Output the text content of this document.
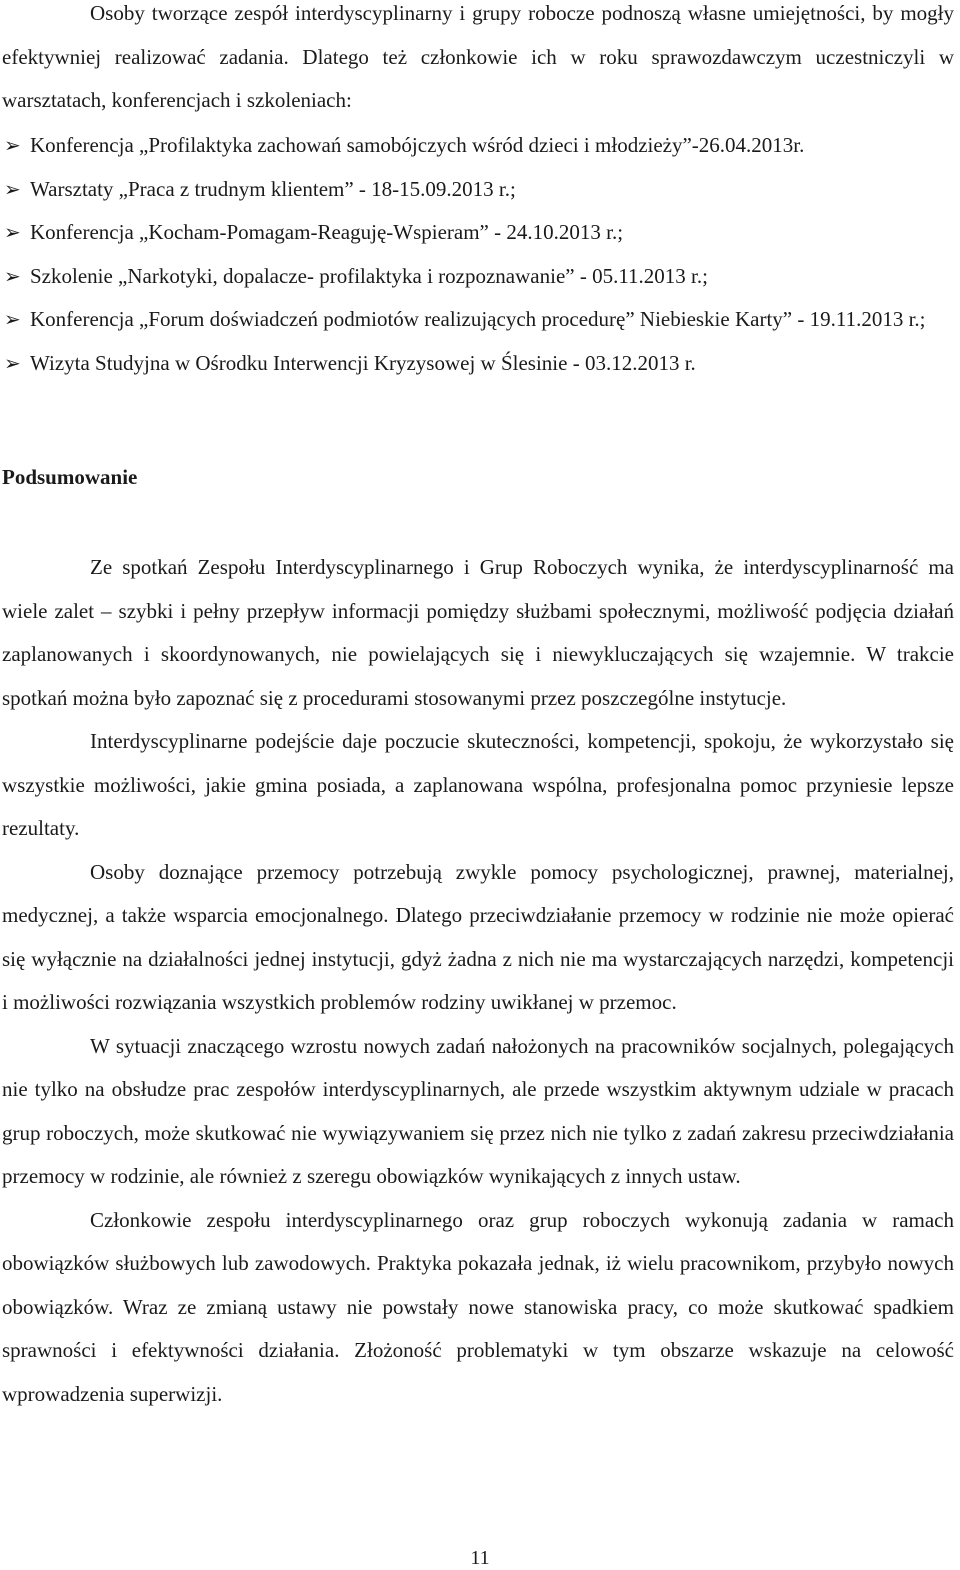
Osoby tworzące zespół interdyscyplinarny i grupy robocze podnoszą własne umiejętności, by mogły efektywniej realizować zadania. Dlatego też członkowie ich w roku sprawozdawczym uczestniczyli w warsztatach, konferencjach i szkoleniach:

➢ Konferencja „Profilaktyka zachowań samobójczych wśród dzieci i młodzieży”-26.04.2013r.
➢ Warsztaty „Praca z trudnym klientem” - 18-15.09.2013 r.;
➢ Konferencja „Kocham-Pomagam-Reaguję-Wspieram” - 24.10.2013 r.;
➢ Szkolenie „Narkotyki, dopalacze- profilaktyka i rozpoznawanie” - 05.11.2013 r.;
➢ Konferencja „Forum doświadczeń podmiotów realizujących procedurę” Niebieskie Karty” - 19.11.2013 r.;
➢ Wizyta Studyjna w Ośrodku Interwencji Kryzysowej w Ślesinie - 03.12.2013 r.
Podsumowanie

Ze spotkań Zespołu Interdyscyplinarnego i Grup Roboczych wynika, że interdyscyplinarność ma wiele zalet – szybki i pełny przepływ informacji pomiędzy służbami społecznymi, możliwość podjęcia działań zaplanowanych i skoordynowanych, nie powielających się i niewykluczających się wzajemnie. W trakcie spotkań można było zapoznać się z procedurami stosowanymi przez poszczególne instytucje.

Interdyscyplinarne podejście daje poczucie skuteczności, kompetencji, spokoju, że wykorzystało się wszystkie możliwości, jakie gmina posiada, a zaplanowana wspólna, profesjonalna pomoc przyniesie lepsze rezultaty.

Osoby doznające przemocy potrzebują zwykle pomocy psychologicznej, prawnej, materialnej, medycznej, a także wsparcia emocjonalnego. Dlatego przeciwdziałanie przemocy w rodzinie nie może opierać się wyłącznie na działalności jednej instytucji, gdyż żadna z nich nie ma wystarczających narzędzi, kompetencji i możliwości rozwiązania wszystkich problemów rodziny uwikłanej w przemoc.

W sytuacji znaczącego wzrostu nowych zadań nałożonych na pracowników socjalnych, polegających nie tylko na obsłudze prac zespołów interdyscyplinarnych, ale przede wszystkim aktywnym udziale w pracach grup roboczych, może skutkować nie wywiązywaniem się przez nich nie tylko z zadań zakresu przeciwdziałania przemocy w rodzinie, ale również z szeregu obowiązków wynikających z innych ustaw.

Członkowie zespołu interdyscyplinarnego oraz grup roboczych wykonują zadania w ramach obowiązków służbowych lub zawodowych. Praktyka pokazała jednak, iż wielu pracownikom, przybyło nowych obowiązków. Wraz ze zmianą ustawy nie powstały nowe stanowiska pracy, co może skutkować spadkiem sprawności i efektywności działania. Złożoność problematyki w tym obszarze wskazuje na celowość wprowadzenia superwizji.

11
